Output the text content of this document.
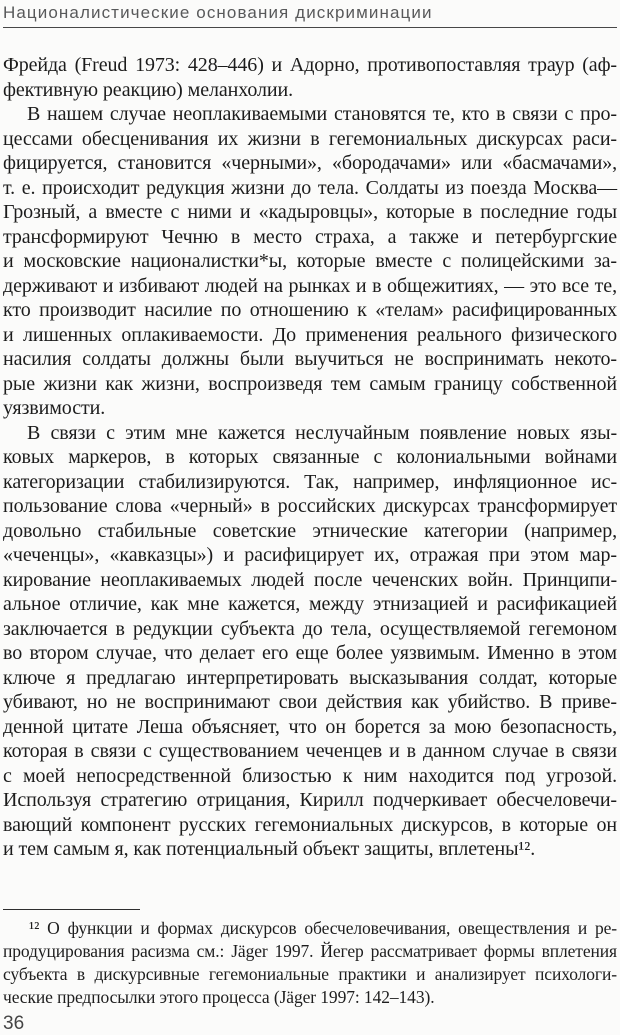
Националистические основания дискриминации
Фрейда (Freud 1973: 428–446) и Адорно, противопоставляя траур (аф-
фективную реакцию) меланхолии.
В нашем случае неоплакиваемыми становятся те, кто в связи с про-
цессами обесценивания их жизни в гегемониальных дискурсах раси-
фицируется, становится «черными», «бородачами» или «басмачами»,
т. е. происходит редукция жизни до тела. Солдаты из поезда Москва—
Грозный, а вместе с ними и «кадыровцы», которые в последние годы
трансформируют Чечню в место страха, а также и петербургские
и московские националистки*ы, которые вместе с полицейскими за-
держивают и избивают людей на рынках и в общежитиях, — это все те,
кто производит насилие по отношению к «телам» расифицированных
и лишенных оплакиваемости. До применения реального физического
насилия солдаты должны были выучиться не воспринимать некото-
рые жизни как жизни, воспроизведя тем самым границу собственной
уязвимости.
В связи с этим мне кажется неслучайным появление новых язы-
ковых маркеров, в которых связанные с колониальными войнами
категоризации стабилизируются. Так, например, инфляционное ис-
пользование слова «черный» в российских дискурсах трансформирует
довольно стабильные советские этнические категории (например,
«чеченцы», «кавказцы») и расифицирует их, отражая при этом мар-
кирование неоплакиваемых людей после чеченских войн. Принципи-
альное отличие, как мне кажется, между этнизацией и расификацией
заключается в редукции субъекта до тела, осуществляемой гегемоном
во втором случае, что делает его еще более уязвимым. Именно в этом
ключе я предлагаю интерпретировать высказывания солдат, которые
убивают, но не воспринимают свои действия как убийство. В приве-
денной цитате Леша объясняет, что он борется за мою безопасность,
которая в связи с существованием чеченцев и в данном случае в связи
с моей непосредственной близостью к ним находится под угрозой.
Используя стратегию отрицания, Кирилл подчеркивает обесчеловечи-
вающий компонент русских гегемониальных дискурсов, в которые он
и тем самым я, как потенциальный объект защиты, вплетены¹².
¹² О функции и формах дискурсов обесчеловечивания, овеществления и ре-
продуцирования расизма см.: Jäger 1997. Йегер рассматривает формы вплетения
субъекта в дискурсивные гегемониальные практики и анализирует психологи-
ческие предпосылки этого процесса (Jäger 1997: 142–143).
36
